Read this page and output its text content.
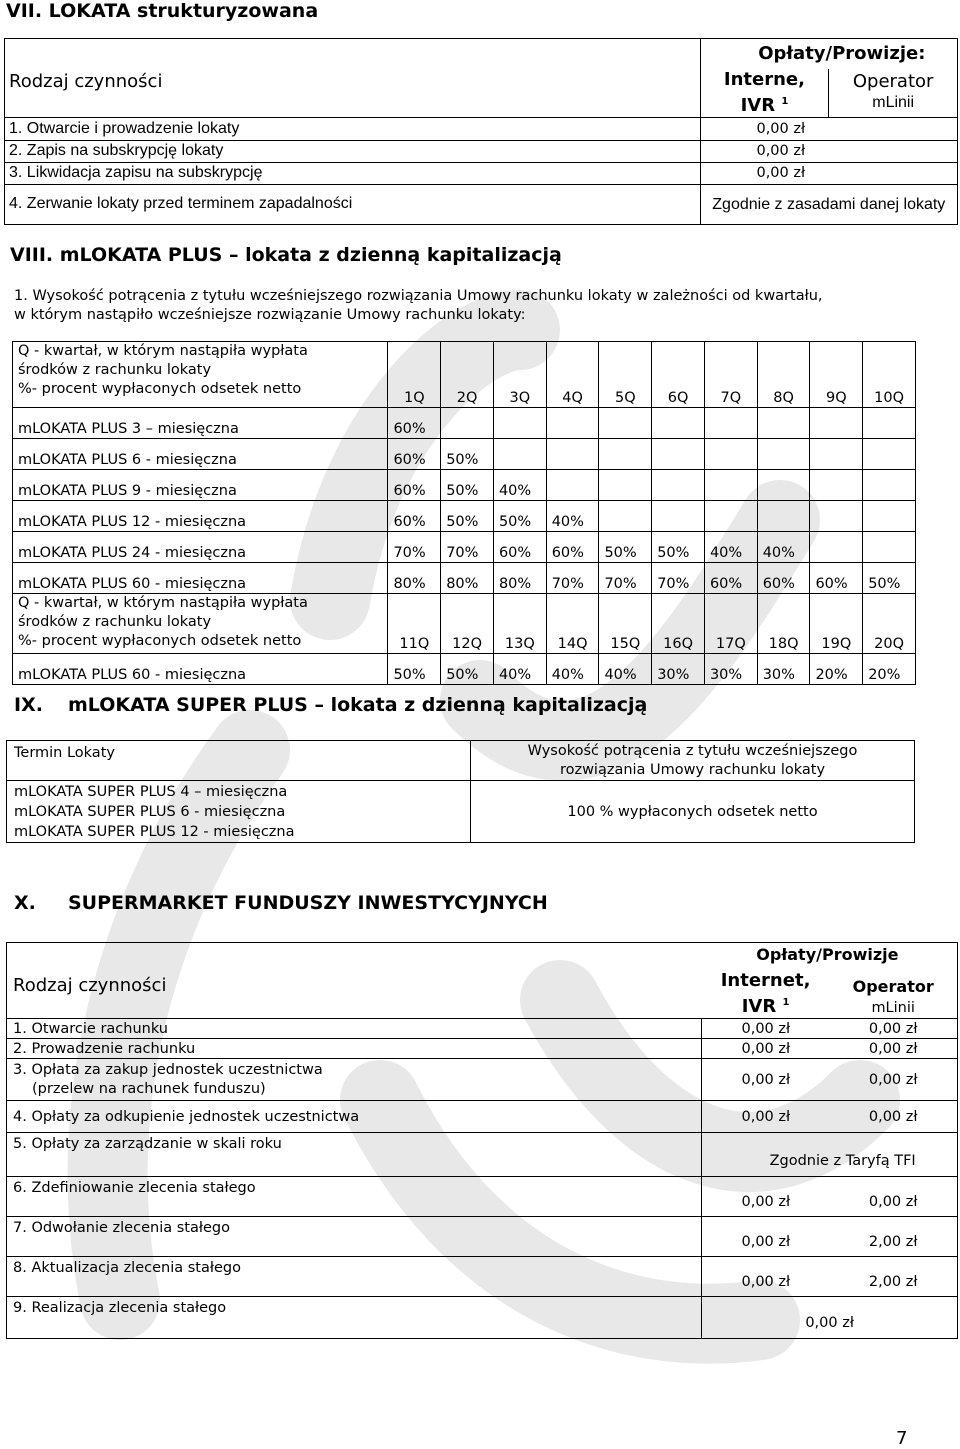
VII. LOKATA strukturyzowana
Rodzaj czynności	Opłaty/Prowizje:	
	Interne,
IVR $^1$	Operator
mLinii
1. Otwarcie i prowadzenie lokaty	0,00 zł	
2. Zapis na subskrypcję lokaty	0,00 zł	
3. Likwidacja zapisu na subskrypcję	0,00 zł	
4. Zerwanie lokaty przed terminem zapadalności	Zgodnie z zasadami danej lokaty	
VIII. mLOKATA PLUS – lokata z dzienną kapitalizacją
1. Wysokość potrącenia z tytułu wcześniejszego rozwiązania Umowy rachunku lokaty w zależności od kwartału,
w którym nastąpiło wcześniejsze rozwiązanie Umowy rachunku lokaty:
Q - kwartał, w którym nastąpiła wypłata
środków z rachunku lokaty
%- procent wypłaconych odsetek netto	1Q	2Q	3Q	4Q	5Q	6Q	7Q	8Q	9Q	10Q
mLOKATA PLUS 3 – miesięczna	60%									
mLOKATA PLUS 6 - miesięczna	60%	50%								
mLOKATA PLUS 9 - miesięczna	60%	50%	40%							
mLOKATA PLUS 12 - miesięczna	60%	50%	50%	40%						
mLOKATA PLUS 24 - miesięczna	70%	70%	60%	60%	50%	50%	40%	40%		
mLOKATA PLUS 60 - miesięczna	80%	80%	80%	70%	70%	70%	60%	60%	60%	50%
Q - kwartał, w którym nastąpiła wypłata
środków z rachunku lokaty
%- procent wypłaconych odsetek netto	11Q	12Q	13Q	14Q	15Q	16Q	17Q	18Q	19Q	20Q
mLOKATA PLUS 60 - miesięczna	50%	50%	40%	40%	40%	30%	30%	30%	20%	20%
IX. mLOKATA SUPER PLUS – lokata z dzienną kapitalizacją
Termin Lokaty	Wysokość potrącenia z tytułu wcześniejszego
rozwiązania Umowy rachunku lokaty

mLOKATA SUPER PLUS 4 – miesięczna
mLOKATA SUPER PLUS 6 - miesięczna
mLOKATA SUPER PLUS 12 - miesięczna	100 % wypłaconych odsetek netto
X. SUPERMARKET FUNDUSZY INWESTYCYJNYCH
Rodzaj czynności	Opłaty/Prowizje	
	Internet,
IVR $^1$	Operator
mLinii
1. Otwarcie rachunku	0,00 zł	0,00 zł
2. Prowadzenie rachunku	0,00 zł	0,00 zł
3. Opłata za zakup jednostek uczestnictwa
(przelew na rachunek funduszu)	0,00 zł	0,00 zł
4. Opłaty za odkupienie jednostek uczestnictwa	0,00 zł	0,00 zł
5. Opłaty za zarządzanie w skali roku	Zgodnie z Taryfą TFI	
6. Zdefiniowanie zlecenia stałego	0,00 zł	0,00 zł
7. Odwołanie zlecenia stałego	0,00 zł	2,00 zł
8. Aktualizacja zlecenia stałego	0,00 zł	2,00 zł
9. Realizacja zlecenia stałego	0,00 zł	
7
